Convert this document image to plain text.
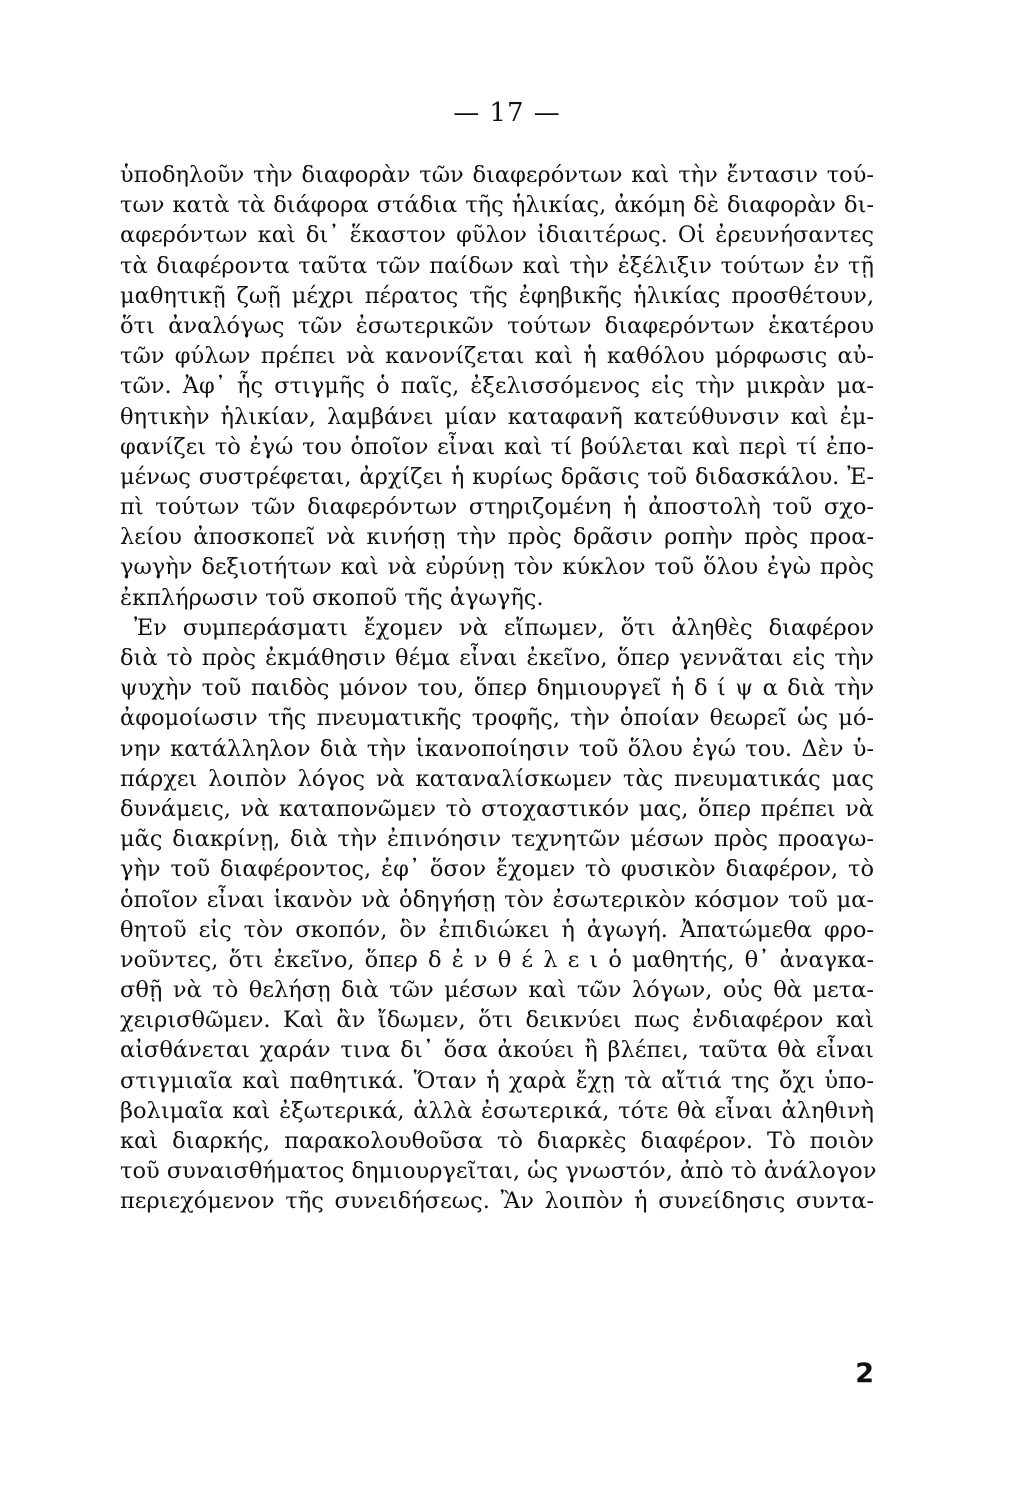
— 17 —
ὑποδηλοῦν τὴν διαφορὰν τῶν διαφερόντων καὶ τὴν ἔντασιν τού-
των κατὰ τὰ διάφορα στάδια τῆς ἡλικίας, ἀκόμη δὲ διαφορὰν δι-
αφερόντων καὶ δι᾽ ἕκαστον φῦλον ἰδιαιτέρως. Οἱ ἐρευνήσαντες
τὰ διαφέροντα ταῦτα τῶν παίδων καὶ τὴν ἐξέλιξιν τούτων ἐν τῇ
μαθητικῇ ζωῇ μέχρι πέρατος τῆς ἐφηβικῆς ἡλικίας προσθέτουν,
ὅτι ἀναλόγως τῶν ἐσωτερικῶν τούτων διαφερόντων ἑκατέρου
τῶν φύλων πρέπει νὰ κανονίζεται καὶ ἡ καθόλου μόρφωσις αὐ-
τῶν. Ἀφ᾽ ἧς στιγμῆς ὁ παῖς, ἐξελισσόμενος εἰς τὴν μικρὰν μα-
θητικὴν ἡλικίαν, λαμβάνει μίαν καταφανῆ κατεύθυνσιν καὶ ἐμ-
φανίζει τὸ ἐγώ του ὁποῖον εἶναι καὶ τί βούλεται καὶ περὶ τί ἐπο-
μένως συστρέφεται, ἀρχίζει ἡ κυρίως δρᾶσις τοῦ διδασκάλου. Ἐ-
πὶ τούτων τῶν διαφερόντων στηριζομένη ἡ ἀποστολὴ τοῦ σχο-
λείου ἀποσκοπεῖ νὰ κινήσῃ τὴν πρὸς δρᾶσιν ροπὴν πρὸς προα-
γωγὴν δεξιοτήτων καὶ νὰ εὐρύνῃ τὸν κύκλον τοῦ ὅλου ἐγὼ πρὸς
ἐκπλήρωσιν τοῦ σκοποῦ τῆς ἀγωγῆς.
Ἐν συμπεράσματι ἔχομεν νὰ εἴπωμεν, ὅτι ἀληθὲς διαφέρον
διὰ τὸ πρὸς ἐκμάθησιν θέμα εἶναι ἐκεῖνο, ὅπερ γεννᾶται εἰς τὴν
ψυχὴν τοῦ παιδὸς μόνον του, ὅπερ δημιουργεῖ ἡ δ ί ψ α διὰ τὴν
ἀφομοίωσιν τῆς πνευματικῆς τροφῆς, τὴν ὁποίαν θεωρεῖ ὡς μό-
νην κατάλληλον διὰ τὴν ἱκανοποίησιν τοῦ ὅλου ἐγώ του. Δὲν ὑ-
πάρχει λοιπὸν λόγος νὰ καταναλίσκωμεν τὰς πνευματικάς μας
δυνάμεις, νὰ καταπονῶμεν τὸ στοχαστικόν μας, ὅπερ πρέπει νὰ
μᾶς διακρίνῃ, διὰ τὴν ἐπινόησιν τεχνητῶν μέσων πρὸς προαγω-
γὴν τοῦ διαφέροντος, ἐφ᾽ ὅσον ἔχομεν τὸ φυσικὸν διαφέρον, τὸ
ὁποῖον εἶναι ἱκανὸν νὰ ὁδηγήσῃ τὸν ἐσωτερικὸν κόσμον τοῦ μα-
θητοῦ εἰς τὸν σκοπόν, ὃν ἐπιδιώκει ἡ ἀγωγή. Ἀπατώμεθα φρο-
νοῦντες, ὅτι ἐκεῖνο, ὅπερ δ ἐ ν θ έ λ ε ι ὁ μαθητής, θ᾽ ἀναγκα-
σθῇ νὰ τὸ θελήσῃ διὰ τῶν μέσων καὶ τῶν λόγων, οὐς θὰ μετα-
χειρισθῶμεν. Καὶ ἂν ἴδωμεν, ὅτι δεικνύει πως ἐνδιαφέρον καὶ
αἰσθάνεται χαράν τινα δι᾽ ὅσα ἀκούει ἢ βλέπει, ταῦτα θὰ εἶναι
στιγμιαῖα καὶ παθητικά. Ὅταν ἡ χαρὰ ἔχῃ τὰ αἴτιά της ὄχι ὑπο-
βολιμαῖα καὶ ἐξωτερικά, ἀλλὰ ἐσωτερικά, τότε θὰ εἶναι ἀληθινὴ
καὶ διαρκής, παρακολουθοῦσα τὸ διαρκὲς διαφέρον. Τὸ ποιὸν
τοῦ συναισθήματος δημιουργεῖται, ὡς γνωστόν, ἀπὸ τὸ ἀνάλογον
περιεχόμενον τῆς συνειδήσεως. Ἂν λοιπὸν ἡ συνείδησις συντα-
2
